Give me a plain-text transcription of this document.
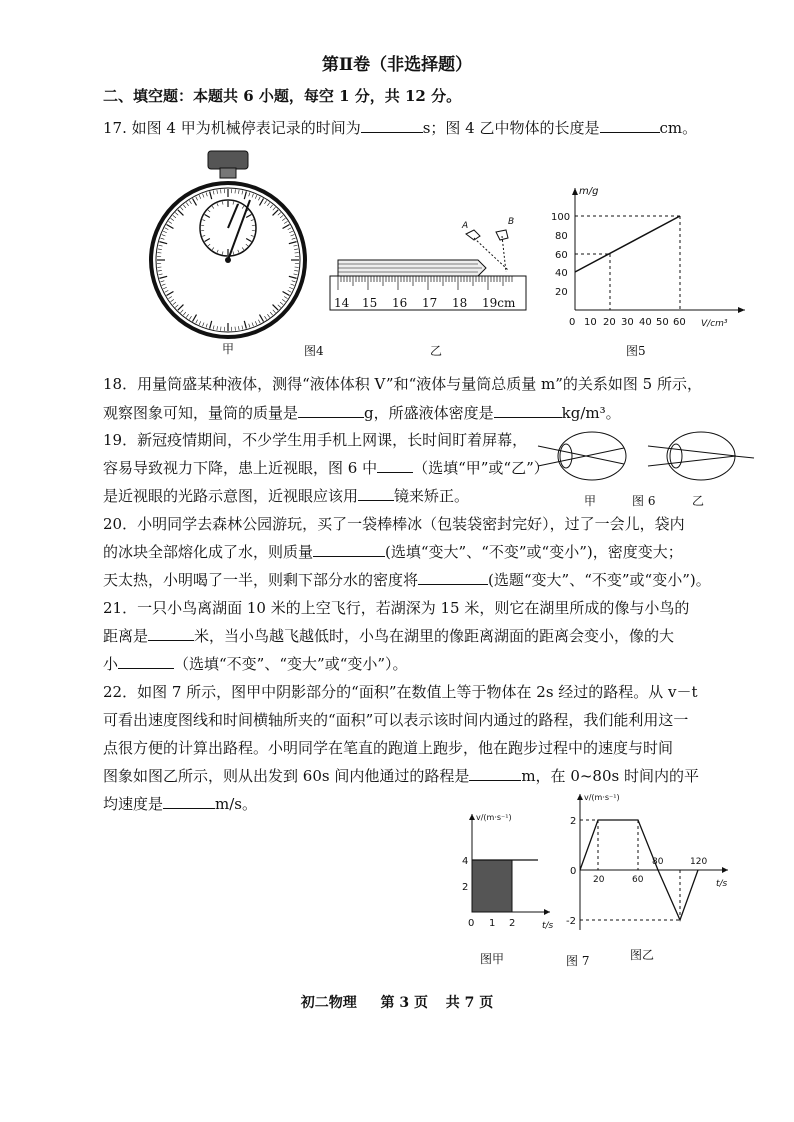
第Ⅱ卷（非选择题）
二、填空题：本题共 6 小题，每空 1 分，共 12 分。
17. 如图 4 甲为机械停表记录的时间为	s；图 4 乙中物体的长度是	cm。
甲	图4
A	B
14 15 16 17 18 19cm
乙
m/g
V/cm³
20
40
60
80
100
0 10 20 30 40 50 60
图5
18．用量筒盛某种液体，测得“液体体积 V”和“液体与量筒总质量 m”的关系如图 5 所示，
观察图象可知，量筒的质量是	g，所盛液体密度是	kg/m³。
19．新冠疫情期间，不少学生用手机上网课，长时间盯着屏幕，
容易导致视力下降，患上近视眼，图 6 中 （选填“甲”或“乙”）
是近视眼的光路示意图，近视眼应该用 镜来矫正。	甲	图 6	乙
20．小明同学去森林公园游玩，买了一袋棒棒冰（包装袋密封完好），过了一会儿，袋内
的冰块全部熔化成了水，则质量	(选填“变大”、“不变”或“变小”)，密度变大；
天太热，小明喝了一半，则剩下部分水的密度将	(选题“变大”、“不变”或“变小”)。
21．一只小鸟离湖面 10 米的上空飞行，若湖深为 15 米，则它在湖里所成的像与小鸟的
距离是	米，当小鸟越飞越低时，小鸟在湖里的像距离湖面的距离会变小，像的大
小	（选填“不变”、“变大”或“变小”）。
22．如图 7 所示，图甲中阴影部分的“面积”在数值上等于物体在 2s 经过的路程。从 v－t
可看出速度图线和时间横轴所夹的“面积”可以表示该时间内通过的路程，我们能利用这一
点很方便的计算出路程。小明同学在笔直的跑道上跑步，他在跑步过程中的速度与时间
图象如图乙所示，则从出发到 60s 间内他通过的路程是	m，在 0~80s 时间内的平
均速度是	m/s。
v/(m·s⁻¹)
t/s
2
4
0 1 2
图甲	图 7
v/(m·s⁻¹)
t/s
2
0
-2
20	60
80	120
图乙
初二物理 第 3 页 共 7 页
